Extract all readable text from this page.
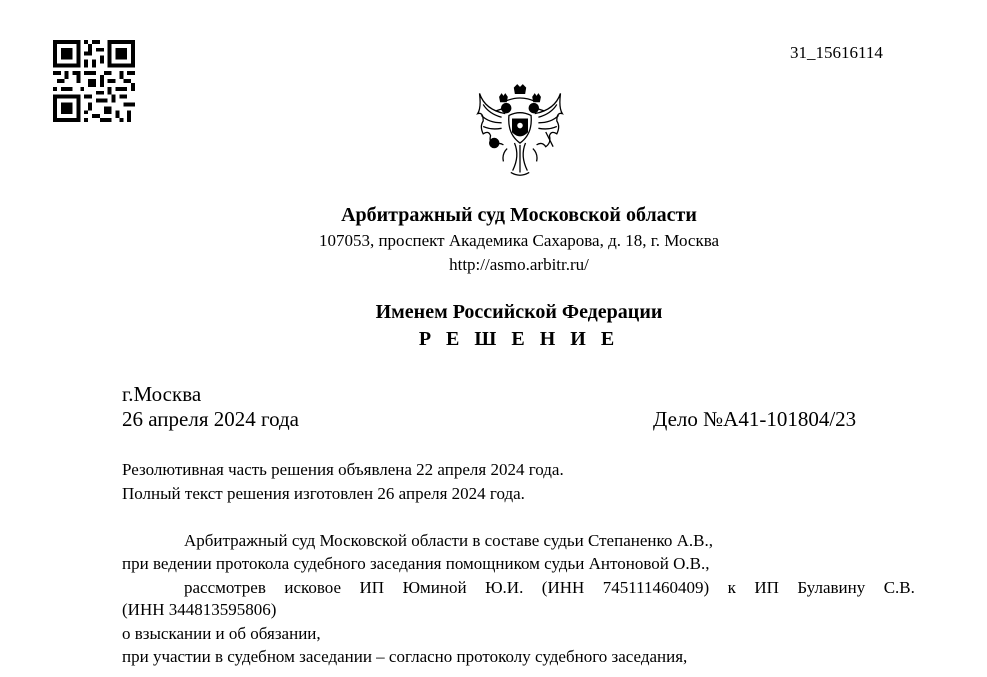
31_15616114
Арбитражный суд Московской области
107053, проспект Академика Сахарова, д. 18, г. Москва
http://asmo.arbitr.ru/
Именем Российской Федерации
Р Е Ш Е Н И Е
г.Москва
26 апреля 2024 года	Дело №А41-101804/23
Резолютивная часть решения объявлена 22 апреля 2024 года.
Полный текст решения изготовлен 26 апреля 2024 года.
Арбитражный суд Московской области в составе судьи Степаненко А.В.,
при ведении протокола судебного заседания помощником судьи Антоновой О.В.,
рассмотрев исковое ИП Юминой Ю.И. (ИНН 745111460409) к ИП Булавину С.В.
(ИНН 344813595806)
о взыскании и об обязании,
при участии в судебном заседании – согласно протоколу судебного заседания,
